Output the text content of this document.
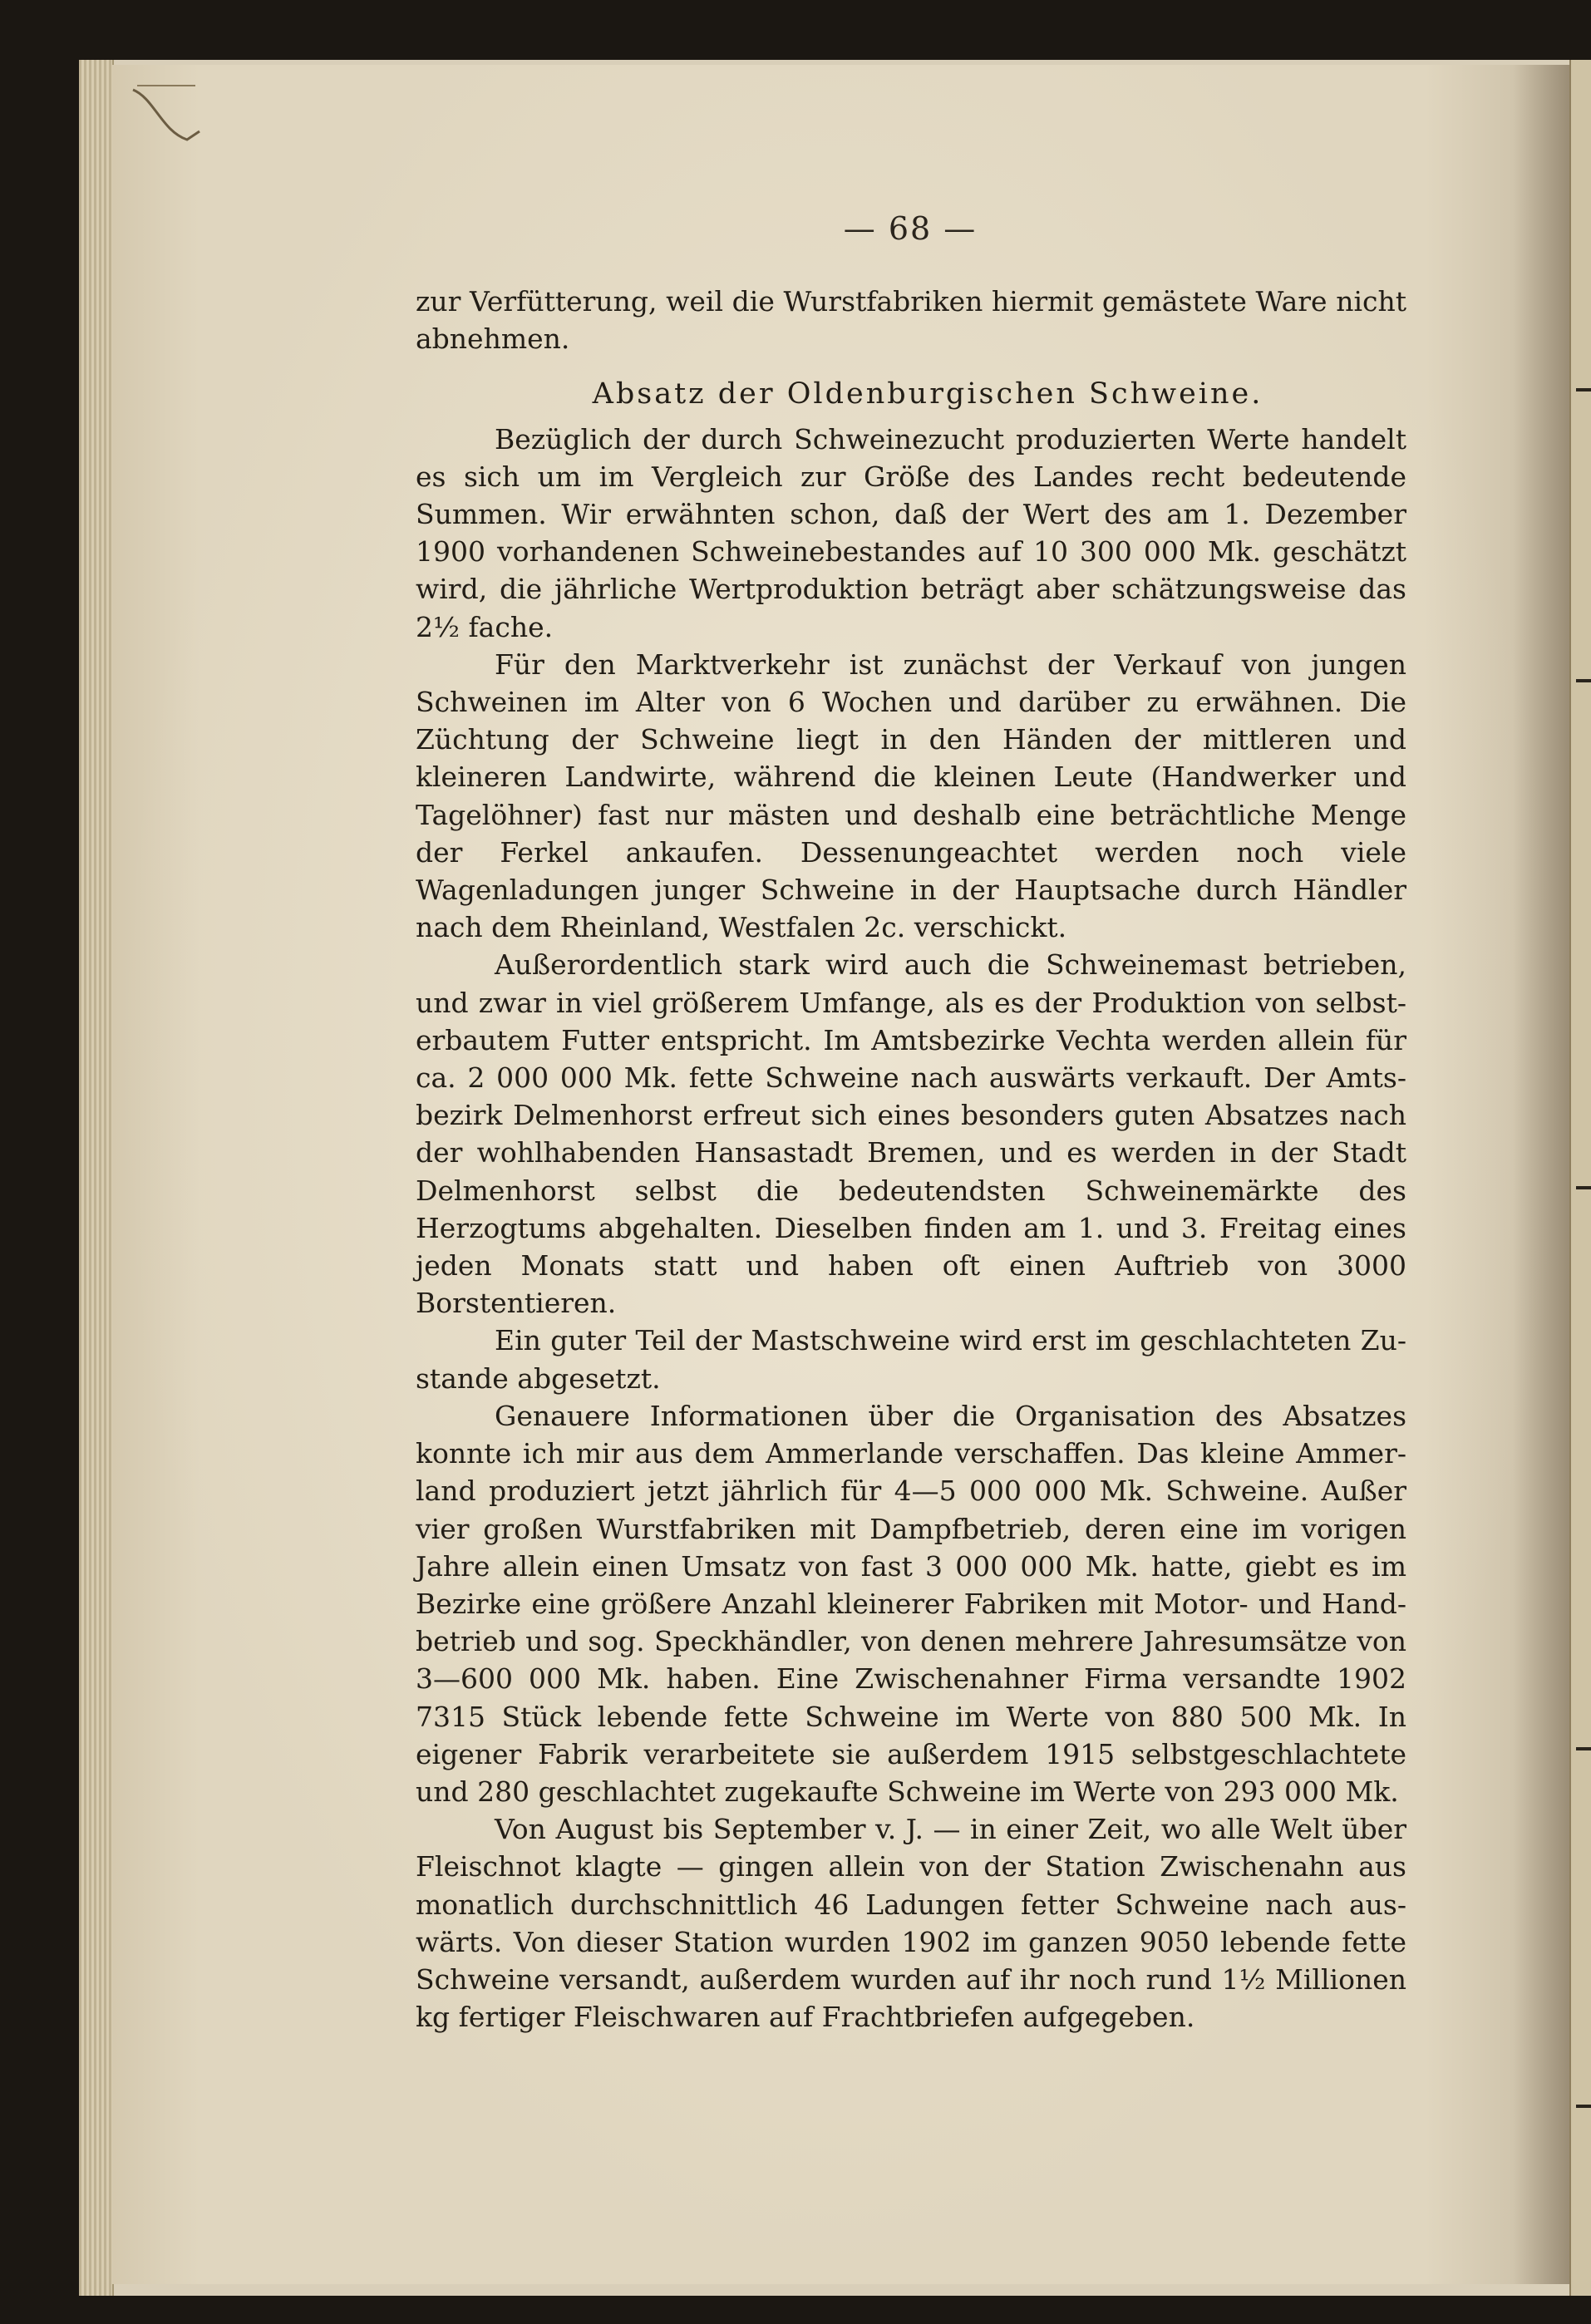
— 68 —

zur Verfütterung, weil die Wurstfabriken hiermit gemästete Ware nicht abnehmen.

Absatz der Oldenburgischen Schweine.

Bezüglich der durch Schweinezucht produzierten Werte handelt es sich um im Vergleich zur Größe des Landes recht bedeutende Summen. Wir erwähnten schon, daß der Wert des am 1. Dezember 1900 vorhandenen Schweinebestandes auf 10 300 000 Mk. geschätzt wird, die jährliche Wertproduktion beträgt aber schätzungsweise das 2½ fache.

Für den Marktverkehr ist zunächst der Verkauf von jungen Schweinen im Alter von 6 Wochen und darüber zu erwähnen. Die Züchtung der Schweine liegt in den Händen der mittleren und kleineren Landwirte, während die kleinen Leute (Handwerker und Tagelöhner) fast nur mästen und deshalb eine beträchtliche Menge der Ferkel ankaufen. Dessenungeachtet werden noch viele Wagenladungen junger Schweine in der Hauptsache durch Händler nach dem Rheinland, Westfalen 2c. verschickt.

Außerordentlich stark wird auch die Schweinemast betrieben, und zwar in viel größerem Umfange, als es der Produktion von selbsterbautem Futter entspricht. Im Amtsbezirke Vechta werden allein für ca. 2 000 000 Mk. fette Schweine nach auswärts verkauft. Der Amtsbezirk Delmenhorst erfreut sich eines besonders guten Absatzes nach der wohlhabenden Hansastadt Bremen, und es werden in der Stadt Delmenhorst selbst die bedeutendsten Schweinemärkte des Herzogtums abgehalten. Dieselben finden am 1. und 3. Freitag eines jeden Monats statt und haben oft einen Auftrieb von 3000 Borstentieren.

Ein guter Teil der Mastschweine wird erst im geschlachteten Zustande abgesetzt.

Genauere Informationen über die Organisation des Absatzes konnte ich mir aus dem Ammerlande verschaffen. Das kleine Ammerland produziert jetzt jährlich für 4—5 000 000 Mk. Schweine. Außer vier großen Wurstfabriken mit Dampfbetrieb, deren eine im vorigen Jahre allein einen Umsatz von fast 3 000 000 Mk. hatte, giebt es im Bezirke eine größere Anzahl kleinerer Fabriken mit Motor- und Handbetrieb und sog. Speckhändler, von denen mehrere Jahresumsätze von 3—600 000 Mk. haben. Eine Zwischenahner Firma versandte 1902 7315 Stück lebende fette Schweine im Werte von 880 500 Mk. In eigener Fabrik verarbeitete sie außerdem 1915 selbstgeschlachtete und 280 geschlachtet zugekaufte Schweine im Werte von 293 000 Mk.

Von August bis September v. J. — in einer Zeit, wo alle Welt über Fleischnot klagte — gingen allein von der Station Zwischenahn aus monatlich durchschnittlich 46 Ladungen fetter Schweine nach auswärts. Von dieser Station wurden 1902 im ganzen 9050 lebende fette Schweine versandt, außerdem wurden auf ihr noch rund 1½ Millionen kg fertiger Fleischwaren auf Frachtbriefen aufgegeben.
